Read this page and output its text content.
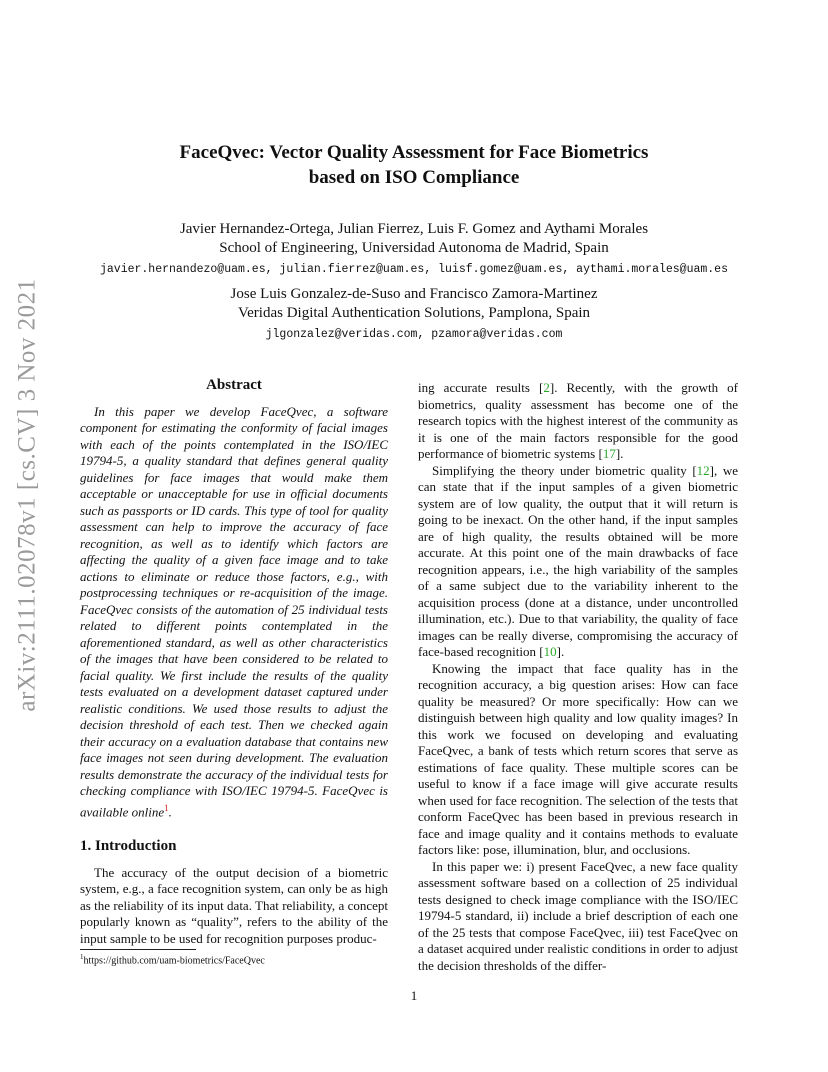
arXiv:2111.02078v1 [cs.CV] 3 Nov 2021
FaceQvec: Vector Quality Assessment for Face Biometrics
based on ISO Compliance
Javier Hernandez-Ortega, Julian Fierrez, Luis F. Gomez and Aythami Morales
School of Engineering, Universidad Autonoma de Madrid, Spain
javier.hernandezo@uam.es, julian.fierrez@uam.es, luisf.gomez@uam.es, aythami.morales@uam.es
Jose Luis Gonzalez-de-Suso and Francisco Zamora-Martinez
Veridas Digital Authentication Solutions, Pamplona, Spain
jlgonzalez@veridas.com, pzamora@veridas.com
Abstract

In this paper we develop FaceQvec, a software component for estimating the conformity of facial images with each of the points contemplated in the ISO/IEC 19794-5, a quality standard that defines general quality guidelines for face images that would make them acceptable or unacceptable for use in official documents such as passports or ID cards. This type of tool for quality assessment can help to improve the accuracy of face recognition, as well as to identify which factors are affecting the quality of a given face image and to take actions to eliminate or reduce those factors, e.g., with postprocessing techniques or re-acquisition of the image. FaceQvec consists of the automation of 25 individual tests related to different points contemplated in the aforementioned standard, as well as other characteristics of the images that have been considered to be related to facial quality. We first include the results of the quality tests evaluated on a development dataset captured under realistic conditions. We used those results to adjust the decision threshold of each test. Then we checked again their accuracy on a evaluation database that contains new face images not seen during development. The evaluation results demonstrate the accuracy of the individual tests for checking compliance with ISO/IEC 19794-5. FaceQvec is available online$^1$.

1. Introduction

The accuracy of the output decision of a biometric system, e.g., a face recognition system, can only be as high as the reliability of its input data. That reliability, a concept popularly known as “quality”, refers to the ability of the input sample to be used for recognition purposes produc-

ing accurate results [2]. Recently, with the growth of biometrics, quality assessment has become one of the research topics with the highest interest of the community as it is one of the main factors responsible for the good performance of biometric systems [17].

Simplifying the theory under biometric quality [12], we can state that if the input samples of a given biometric system are of low quality, the output that it will return is going to be inexact. On the other hand, if the input samples are of high quality, the results obtained will be more accurate. At this point one of the main drawbacks of face recognition appears, i.e., the high variability of the samples of a same subject due to the variability inherent to the acquisition process (done at a distance, under uncontrolled illumination, etc.). Due to that variability, the quality of face images can be really diverse, compromising the accuracy of face-based recognition [10].

Knowing the impact that face quality has in the recognition accuracy, a big question arises: How can face quality be measured? Or more specifically: How can we distinguish between high quality and low quality images? In this work we focused on developing and evaluating FaceQvec, a bank of tests which return scores that serve as estimations of face quality. These multiple scores can be useful to know if a face image will give accurate results when used for face recognition. The selection of the tests that conform FaceQvec has been based in previous research in face and image quality and it contains methods to evaluate factors like: pose, illumination, blur, and occlusions.

In this paper we: i) present FaceQvec, a new face quality assessment software based on a collection of 25 individual tests designed to check image compliance with the ISO/IEC 19794-5 standard, ii) include a brief description of each one of the 25 tests that compose FaceQvec, iii) test FaceQvec on a dataset acquired under realistic conditions in order to adjust the decision thresholds of the differ-

$^1$https://github.com/uam-biometrics/FaceQvec
1
